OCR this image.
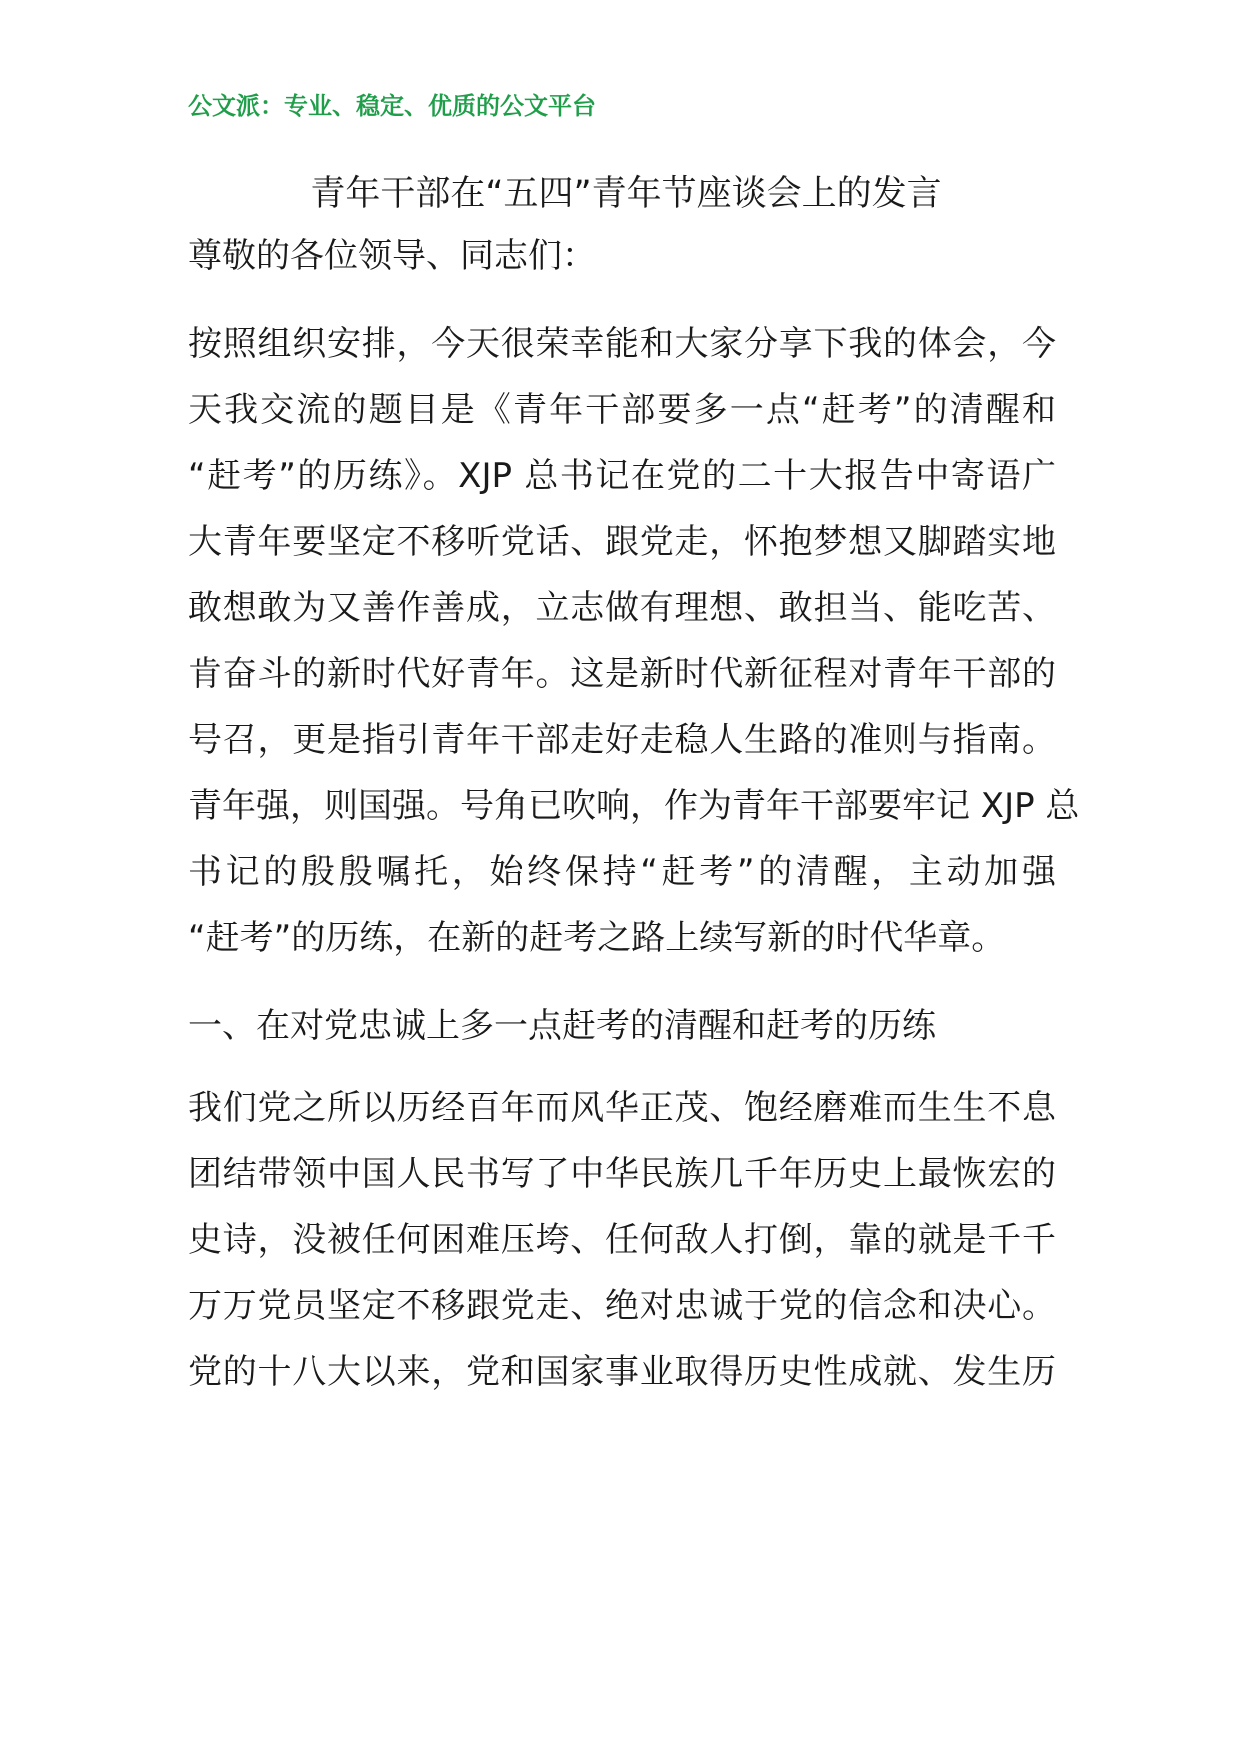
公文派：专业、稳定、优质的公文平台
青年干部在“五四”青年节座谈会上的发言
尊敬的各位领导、同志们：
按照组织安排，今天很荣幸能和大家分享下我的体会，今
天我交流的题目是《青年干部要多一点“赶考”的清醒和
“赶考”的历练》。XJP 总书记在党的二十大报告中寄语广
大青年要坚定不移听党话、跟党走，怀抱梦想又脚踏实地
敢想敢为又善作善成，立志做有理想、敢担当、能吃苦、
肯奋斗的新时代好青年。这是新时代新征程对青年干部的
号召，更是指引青年干部走好走稳人生路的准则与指南。
青年强，则国强。号角已吹响，作为青年干部要牢记 XJP 总
书记的殷殷嘱托，始终保持“赶考”的清醒，主动加强
“赶考”的历练，在新的赶考之路上续写新的时代华章。
一、在对党忠诚上多一点赶考的清醒和赶考的历练
我们党之所以历经百年而风华正茂、饱经磨难而生生不息
团结带领中国人民书写了中华民族几千年历史上最恢宏的
史诗，没被任何困难压垮、任何敌人打倒，靠的就是千千
万万党员坚定不移跟党走、绝对忠诚于党的信念和决心。
党的十八大以来，党和国家事业取得历史性成就、发生历
